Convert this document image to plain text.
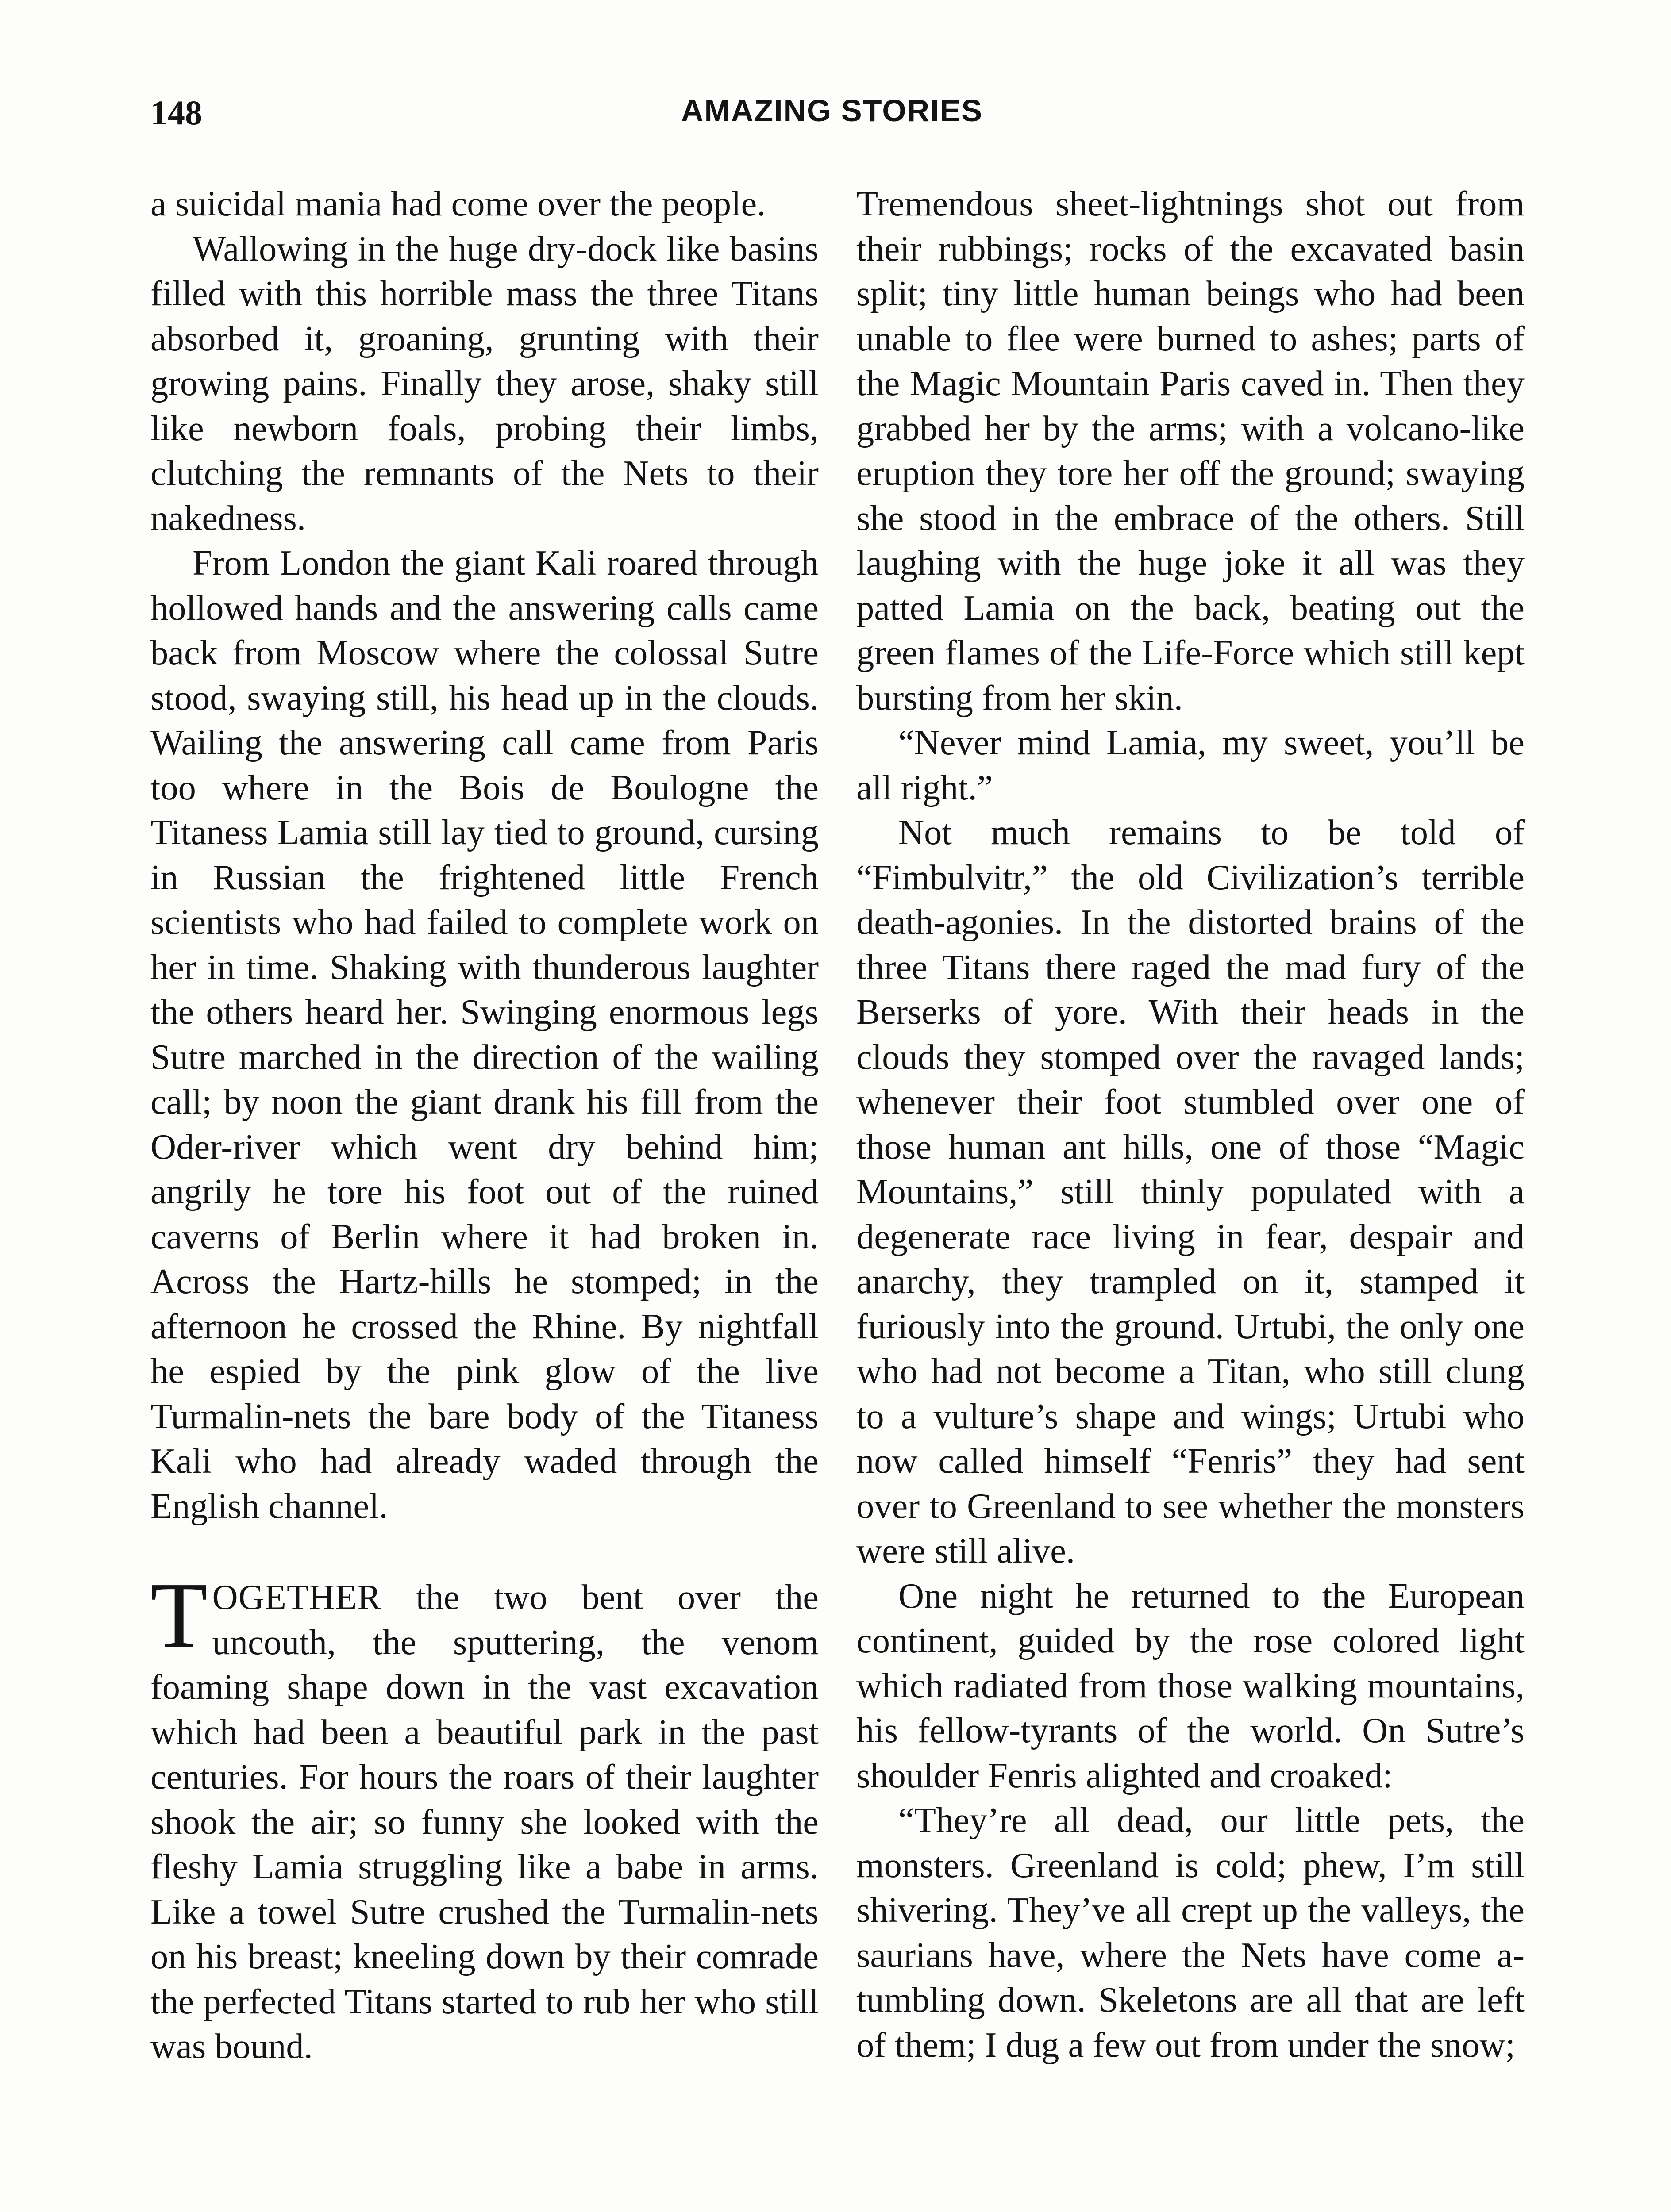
148	AMAZING STORIES

a suicidal mania had come over the people.

Wallowing in the huge dry-dock like basins filled with this horrible mass the three Titans absorbed it, groaning, grunting with their growing pains. Finally they arose, shaky still like newborn foals, probing their limbs, clutching the remnants of the Nets to their nakedness.

From London the giant Kali roared through hollowed hands and the answering calls came back from Moscow where the colossal Sutre stood, swaying still, his head up in the clouds. Wailing the answering call came from Paris too where in the Bois de Boulogne the Titaness Lamia still lay tied to ground, cursing in Russian the frightened little French scientists who had failed to complete work on her in time. Shaking with thunderous laughter the others heard her. Swinging enormous legs Sutre marched in the direction of the wailing call; by noon the giant drank his fill from the Oder-river which went dry behind him; angrily he tore his foot out of the ruined caverns of Berlin where it had broken in. Across the Hartz-hills he stomped; in the afternoon he crossed the Rhine. By nightfall he espied by the pink glow of the live Turmalin-nets the bare body of the Titaness Kali who had already waded through the English channel.

TOGETHER the two bent over the uncouth, the sputtering, the venom foaming shape down in the vast excavation which had been a beautiful park in the past centuries. For hours the roars of their laughter shook the air; so funny she looked with the fleshy Lamia struggling like a babe in arms. Like a towel Sutre crushed the Turmalin-nets on his breast; kneeling down by their comrade the perfected Titans started to rub her who still was bound.

Tremendous sheet-lightnings shot out from their rubbings; rocks of the excavated basin split; tiny little human beings who had been unable to flee were burned to ashes; parts of the Magic Mountain Paris caved in. Then they grabbed her by the arms; with a volcano-like eruption they tore her off the ground; swaying she stood in the embrace of the others. Still laughing with the huge joke it all was they patted Lamia on the back, beating out the green flames of the Life-Force which still kept bursting from her skin.

“Never mind Lamia, my sweet, you’ll be all right.”

Not much remains to be told of “Fimbulvitr,” the old Civilization’s terrible death-agonies. In the distorted brains of the three Titans there raged the mad fury of the Berserks of yore. With their heads in the clouds they stomped over the ravaged lands; whenever their foot stumbled over one of those human ant hills, one of those “Magic Mountains,” still thinly populated with a degenerate race living in fear, despair and anarchy, they trampled on it, stamped it furiously into the ground. Urtubi, the only one who had not become a Titan, who still clung to a vulture’s shape and wings; Urtubi who now called himself “Fenris” they had sent over to Greenland to see whether the monsters were still alive.

One night he returned to the European continent, guided by the rose colored light which radiated from those walking mountains, his fellow-tyrants of the world. On Sutre’s shoulder Fenris alighted and croaked:

“They’re all dead, our little pets, the monsters. Greenland is cold; phew, I’m still shivering. They’ve all crept up the valleys, the saurians have, where the Nets have come a-tumbling down. Skeletons are all that are left of them; I dug a few out from under the snow;
